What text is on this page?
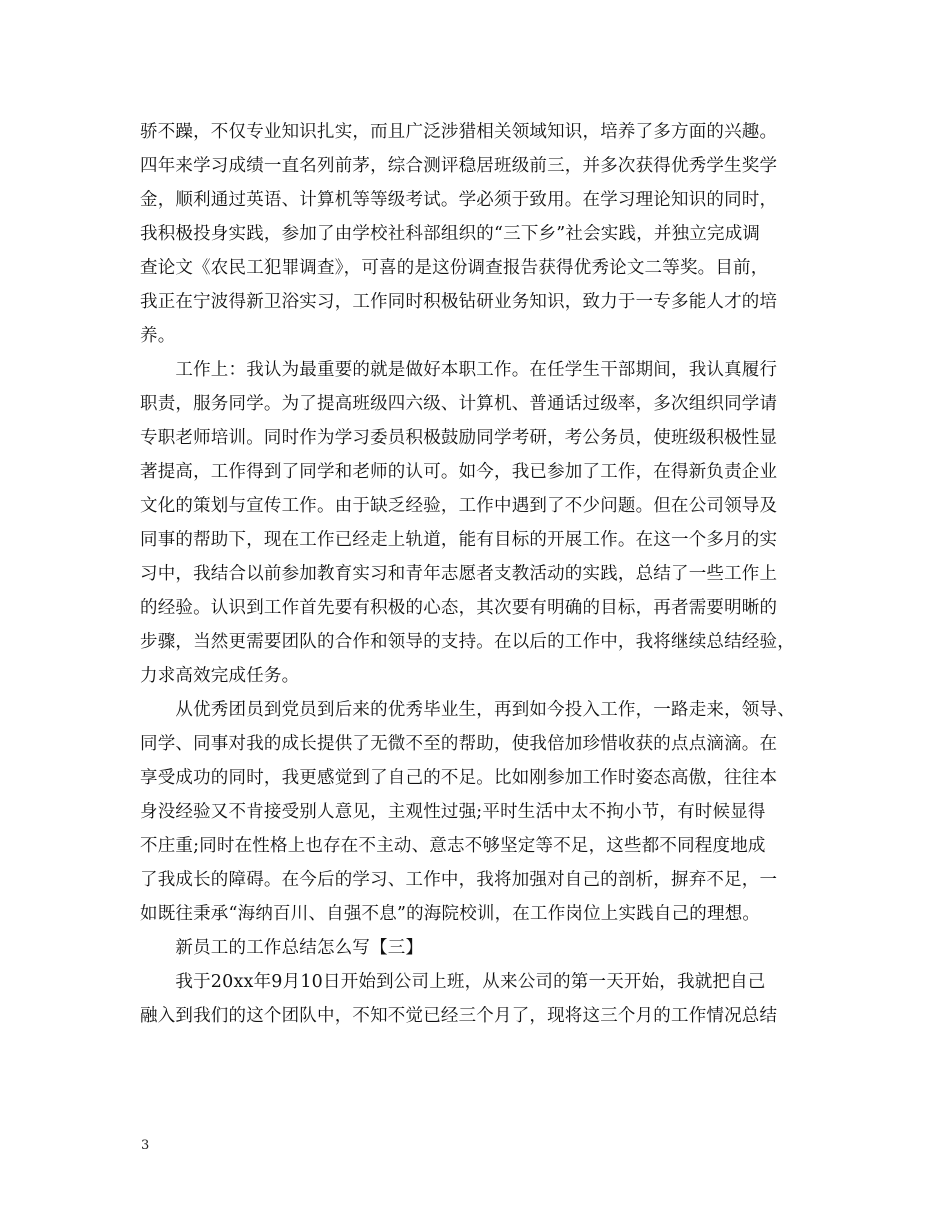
骄不躁，不仅专业知识扎实，而且广泛涉猎相关领域知识，培养了多方面的兴趣。
四年来学习成绩一直名列前茅，综合测评稳居班级前三，并多次获得优秀学生奖学
金，顺利通过英语、计算机等等级考试。学必须于致用。在学习理论知识的同时，
我积极投身实践，参加了由学校社科部组织的“三下乡”社会实践，并独立完成调
查论文《农民工犯罪调查》，可喜的是这份调查报告获得优秀论文二等奖。目前，
我正在宁波得新卫浴实习，工作同时积极钻研业务知识，致力于一专多能人才的培
养。
　　工作上：我认为最重要的就是做好本职工作。在任学生干部期间，我认真履行
职责，服务同学。为了提高班级四六级、计算机、普通话过级率，多次组织同学请
专职老师培训。同时作为学习委员积极鼓励同学考研，考公务员，使班级积极性显
著提高，工作得到了同学和老师的认可。如今，我已参加了工作，在得新负责企业
文化的策划与宣传工作。由于缺乏经验，工作中遇到了不少问题。但在公司领导及
同事的帮助下，现在工作已经走上轨道，能有目标的开展工作。在这一个多月的实
习中，我结合以前参加教育实习和青年志愿者支教活动的实践，总结了一些工作上
的经验。认识到工作首先要有积极的心态，其次要有明确的目标，再者需要明晰的
步骤，当然更需要团队的合作和领导的支持。在以后的工作中，我将继续总结经验，
力求高效完成任务。
　　从优秀团员到党员到后来的优秀毕业生，再到如今投入工作，一路走来，领导、
同学、同事对我的成长提供了无微不至的帮助，使我倍加珍惜收获的点点滴滴。在
享受成功的同时，我更感觉到了自己的不足。比如刚参加工作时姿态高傲，往往本
身没经验又不肯接受别人意见，主观性过强;平时生活中太不拘小节，有时候显得
不庄重;同时在性格上也存在不主动、意志不够坚定等不足，这些都不同程度地成
了我成长的障碍。在今后的学习、工作中，我将加强对自己的剖析，摒弃不足，一
如既往秉承“海纳百川、自强不息”的海院校训，在工作岗位上实践自己的理想。
　　新员工的工作总结怎么写【三】
　　我于20xx年9月10日开始到公司上班，从来公司的第一天开始，我就把自己
融入到我们的这个团队中，不知不觉已经三个月了，现将这三个月的工作情况总结
3
